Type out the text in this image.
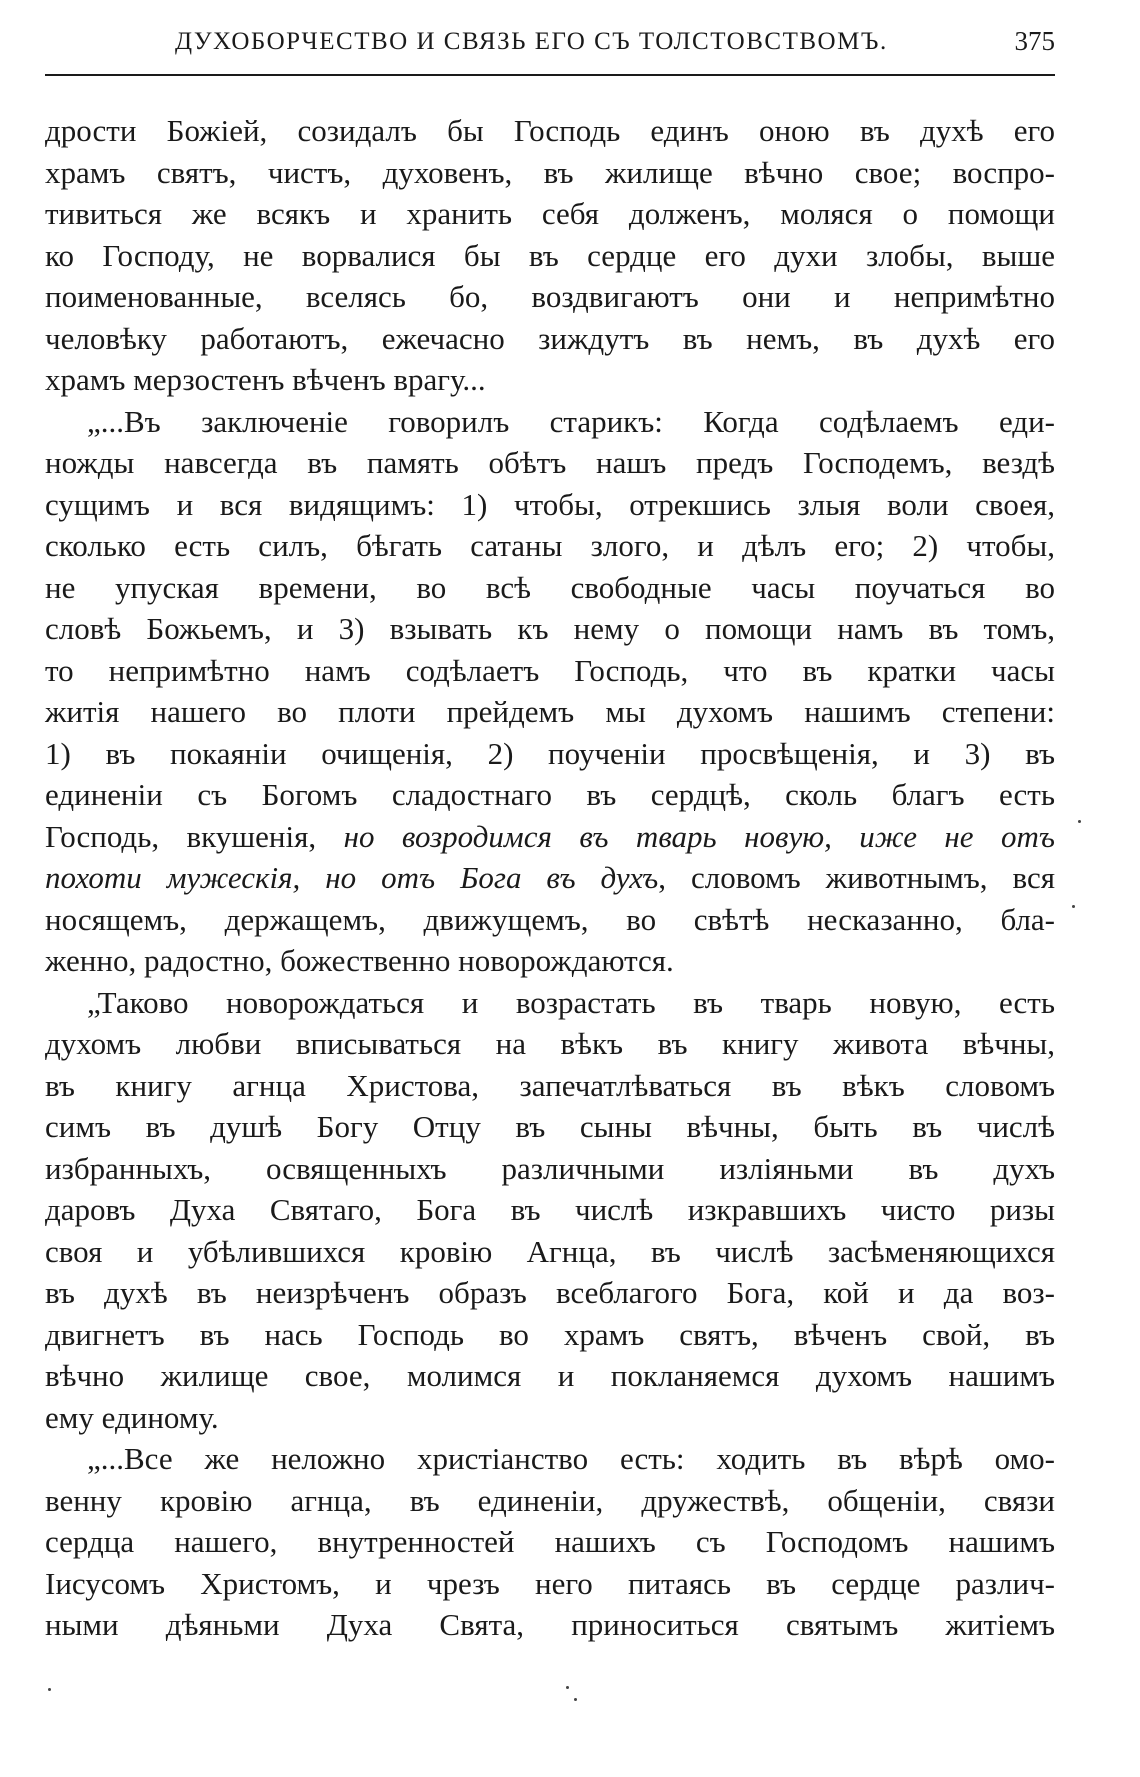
ДУХОБОРЧЕСТВО И СВЯЗЬ ЕГО СЪ ТОЛСТОВСТВОМЪ.	375
дрости Божіей, созидалъ бы Господь единъ оною въ духѣ его
храмъ святъ, чистъ, духовенъ, въ жилище вѣчно свое; воспро-
тивиться же всякъ и хранить себя долженъ, моляся о помощи
ко Господу, не ворвалися бы въ сердце его духи злобы, выше
поименованные, вселясь бо, воздвигаютъ они и непримѣтно
человѣку работаютъ, ежечасно зиждутъ въ немъ, въ духѣ его
храмъ мерзостенъ вѣченъ врагу...
„...Въ заключеніе говорилъ старикъ: Когда содѣлаемъ еди-
ножды навсегда въ память обѣтъ нашъ предъ Господемъ, вездѣ
сущимъ и вся видящимъ: 1) чтобы, отрекшись злыя воли своея,
сколько есть силъ, бѣгать сатаны злого, и дѣлъ его; 2) чтобы,
не упуская времени, во всѣ свободные часы поучаться во
словѣ Божьемъ, и 3) взывать къ нему о помощи намъ въ томъ,
то непримѣтно намъ содѣлаетъ Господь, что въ кратки часы
житія нашего во плоти прейдемъ мы духомъ нашимъ степени:
1) въ покаяніи очищенія, 2) поученіи просвѣщенія, и 3) въ
единеніи съ Богомъ сладостнаго въ сердцѣ, сколь благъ есть
Господь, вкушенія, но возродимся въ тварь новую, иже не отъ
похоти мужескія, но отъ Бога въ духъ, словомъ животнымъ, вся
носящемъ, держащемъ, движущемъ, во свѣтѣ несказанно, бла-
женно, радостно, божественно новорождаются.
„Таково новорождаться и возрастать въ тварь новую, есть
духомъ любви вписываться на вѣкъ въ книгу живота вѣчны,
въ книгу агнца Христова, запечатлѣваться въ вѣкъ словомъ
симъ въ душѣ Богу Отцу въ сыны вѣчны, быть въ числѣ
избранныхъ, освященныхъ различными изліяньми въ духъ
даровъ Духа Святаго, Бога въ числѣ изкравшихъ чисто ризы
своя и убѣлившихся кровію Агнца, въ числѣ засѣменяющихся
въ духѣ въ неизрѣченъ образъ всеблагого Бога, кой и да воз-
двигнетъ въ нась Господь во храмъ святъ, вѣченъ свой, въ
вѣчно жилище свое, молимся и покланяемся духомъ нашимъ
ему единому.
„...Все же неложно христіанство есть: ходить въ вѣрѣ омо-
венну кровію агнца, въ единеніи, дружествѣ, общеніи, связи
сердца нашего, внутренностей нашихъ съ Господомъ нашимъ
Іисусомъ Христомъ, и чрезъ него питаясь въ сердце различ-
ными дѣяньми Духа Свята, приноситься святымъ житіемъ
